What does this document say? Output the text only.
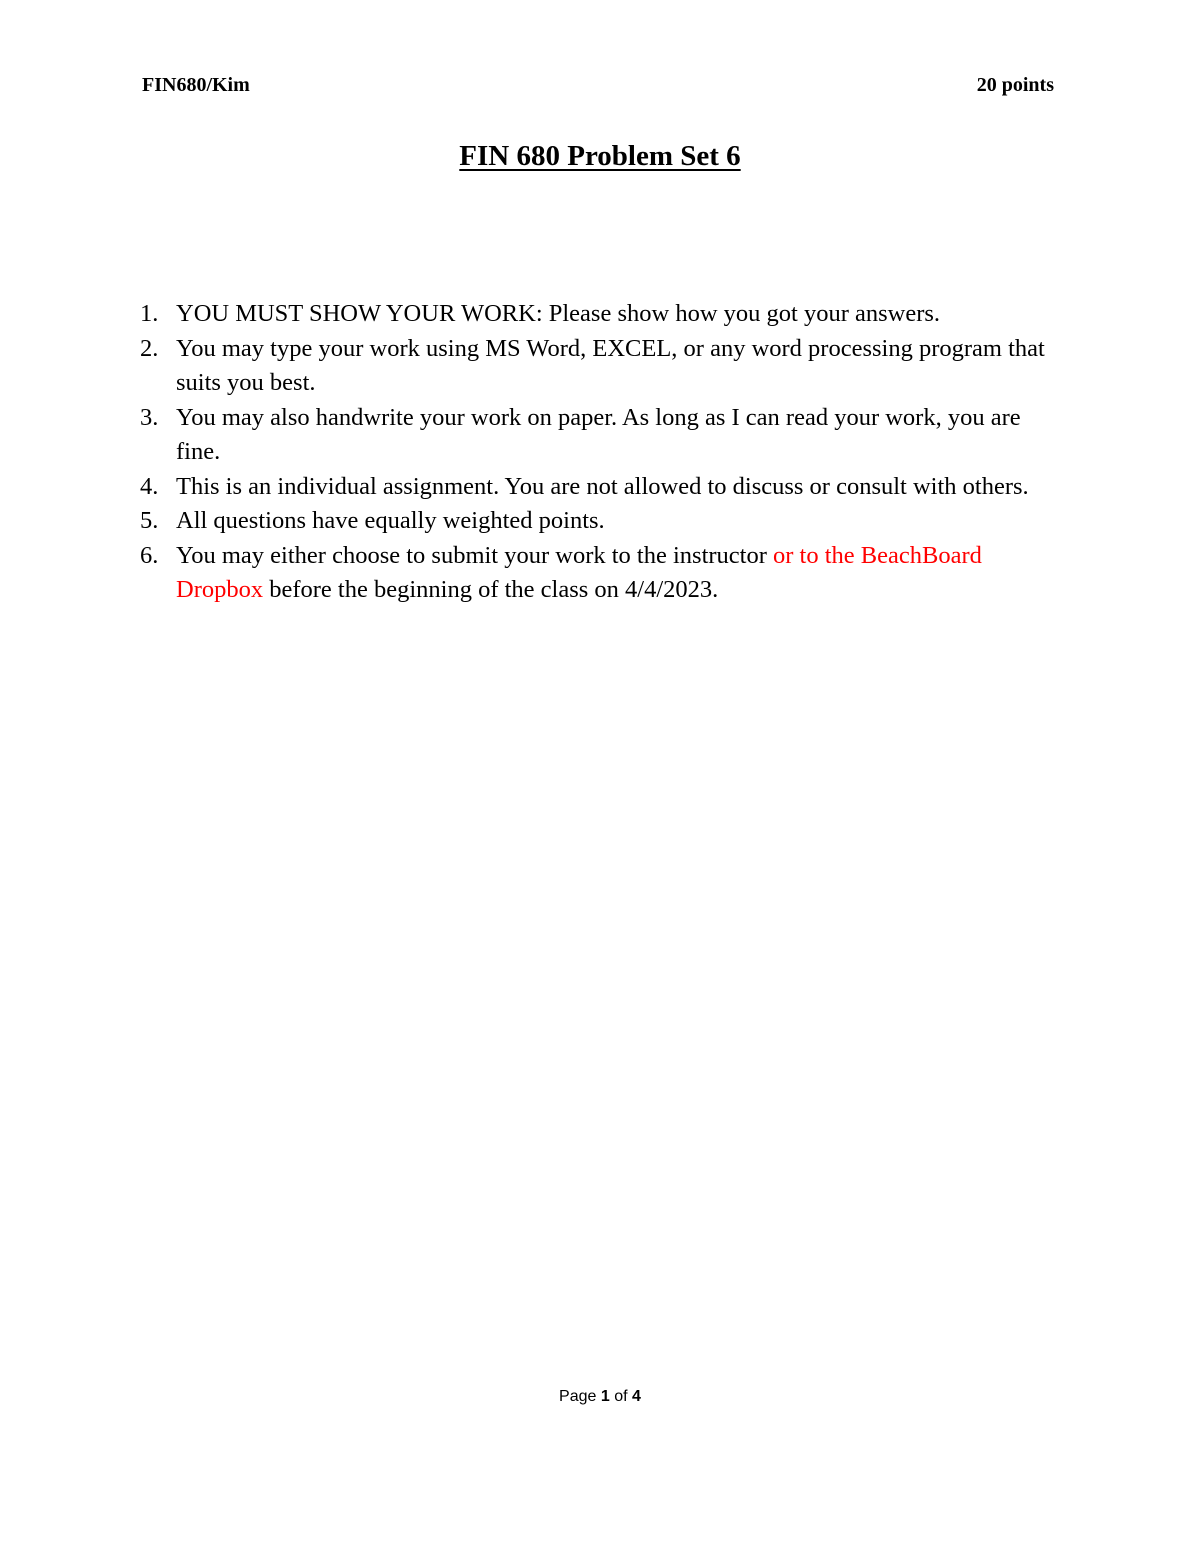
FIN680/Kim	20 points
FIN 680 Problem Set 6
1. YOU MUST SHOW YOUR WORK: Please show how you got your answers.
2. You may type your work using MS Word, EXCEL, or any word processing program that suits you best.
3. You may also handwrite your work on paper. As long as I can read your work, you are fine.
4. This is an individual assignment. You are not allowed to discuss or consult with others.
5. All questions have equally weighted points.
6. You may either choose to submit your work to the instructor or to the BeachBoard Dropbox before the beginning of the class on 4/4/2023.
Page 1 of 4
